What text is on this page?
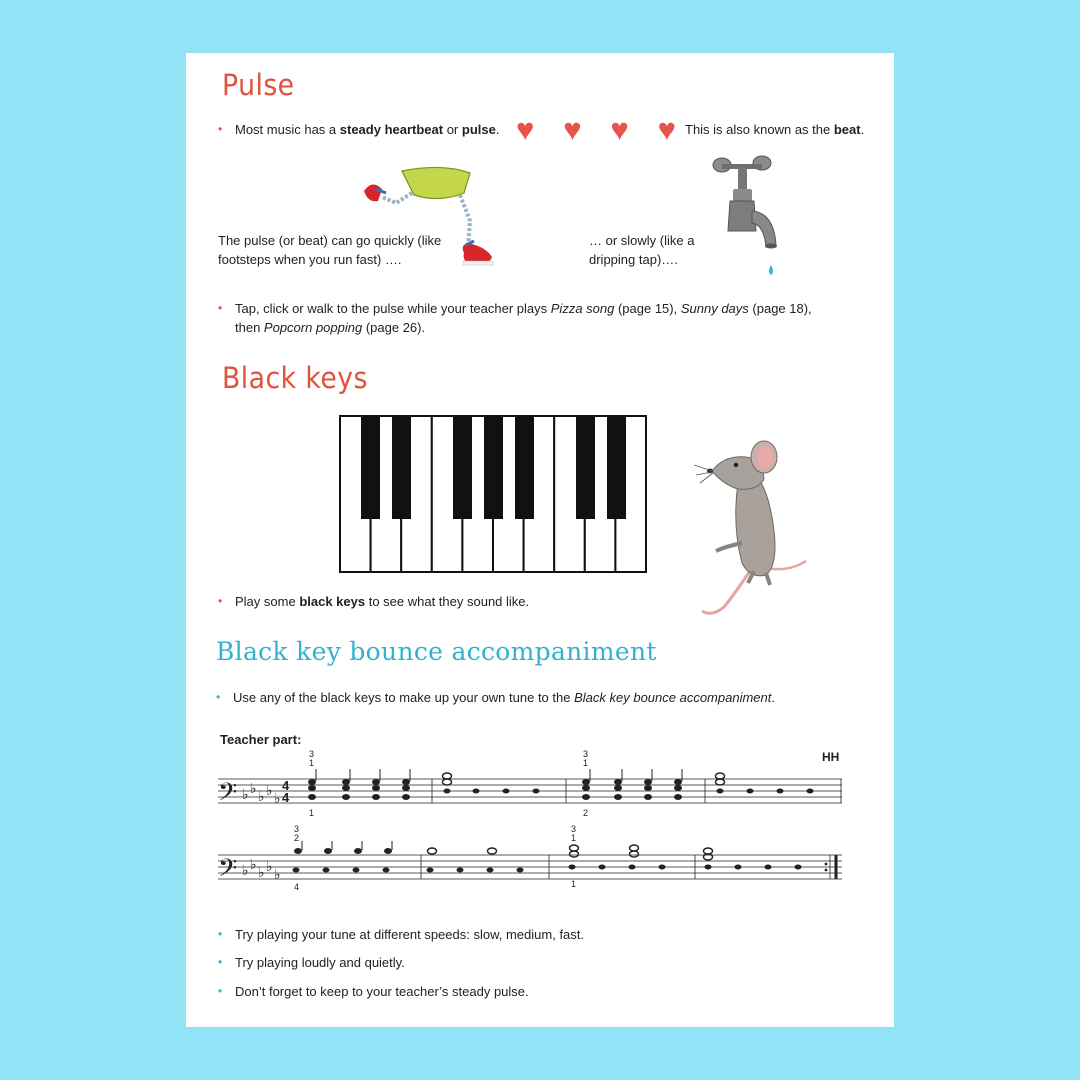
Pulse
• Most music has a steady heartbeat or pulse. ♥ ♥ ♥ ♥ This is also known as the beat.
The pulse (or beat) can go quickly (like
footsteps when you run fast) ….
… or slowly (like a
dripping tap)….
• Tap, click or walk to the pulse while your teacher plays Pizza song (page 15), Sunny days (page 18),
then Popcorn popping (page 26).
Black keys
• Play some black keys to see what they sound like.
Black key bounce accompaniment
• Use any of the black keys to make up your own tune to the Black key bounce accompaniment.
Teacher part:
HH
𝄢
𝄢
♭ ♭ ♭ ♭ ♭
♭ ♭ ♭ ♭ ♭
4
4
3
1
1
3
1
2
3
2
4
3
1
1
• Try playing your tune at different speeds: slow, medium, fast.
• Try playing loudly and quietly.
• Don’t forget to keep to your teacher’s steady pulse.
